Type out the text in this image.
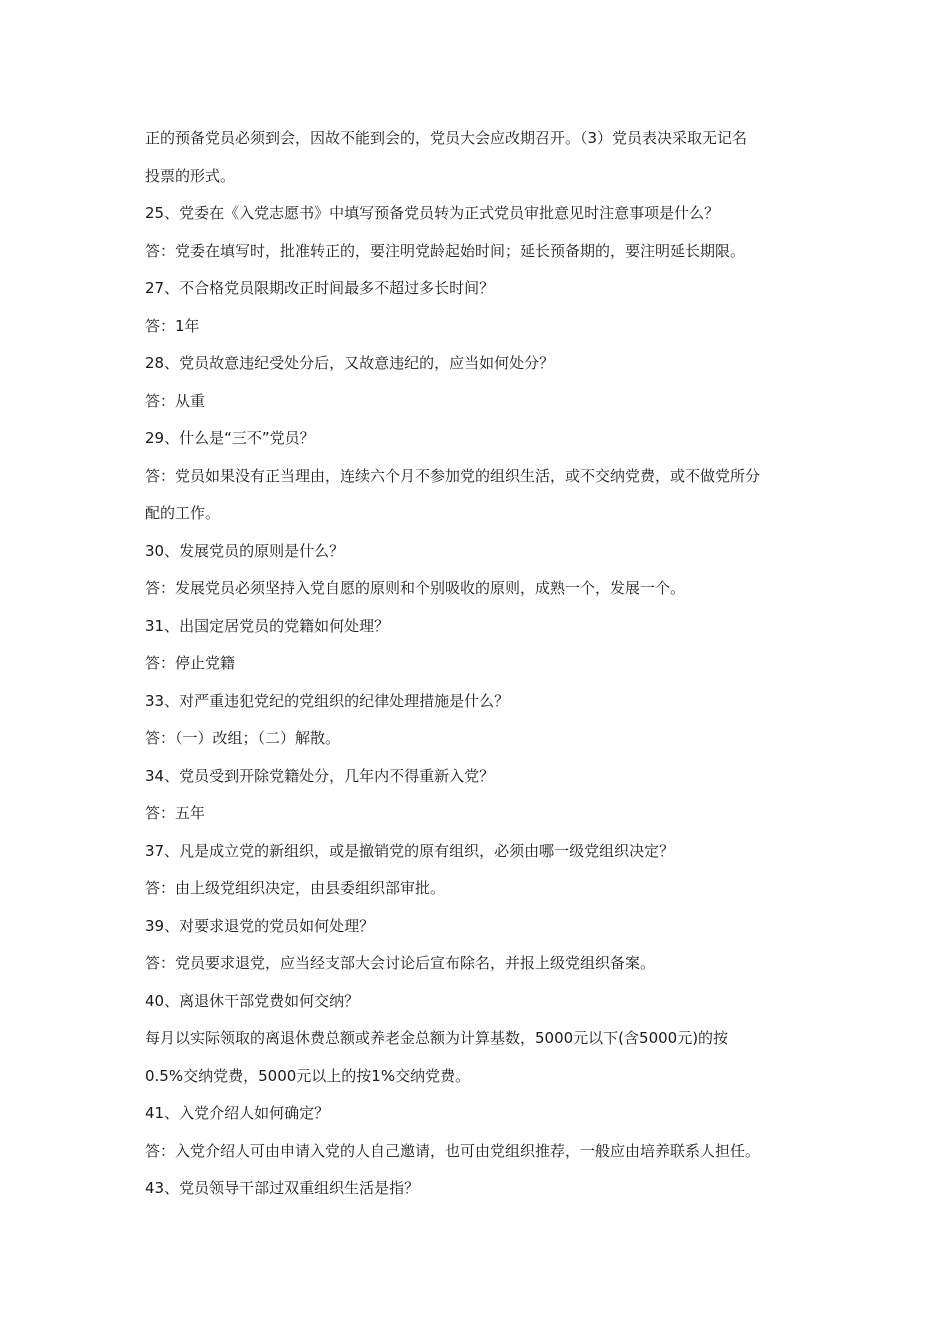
正的预备党员必须到会，因故不能到会的，党员大会应改期召开。（3）党员表决采取无记名
投票的形式。
25、党委在《入党志愿书》中填写预备党员转为正式党员审批意见时注意事项是什么？
答：党委在填写时，批准转正的，要注明党龄起始时间；延长预备期的，要注明延长期限。
27、不合格党员限期改正时间最多不超过多长时间？
答：1年
28、党员故意违纪受处分后，又故意违纪的，应当如何处分？
答：从重
29、什么是“三不”党员？
答：党员如果没有正当理由，连续六个月不参加党的组织生活，或不交纳党费，或不做党所分
配的工作。
30、发展党员的原则是什么？
答：发展党员必须坚持入党自愿的原则和个别吸收的原则，成熟一个，发展一个。
31、出国定居党员的党籍如何处理？
答：停止党籍
33、对严重违犯党纪的党组织的纪律处理措施是什么？
答：（一）改组；（二）解散。
34、党员受到开除党籍处分，几年内不得重新入党？
答：五年
37、凡是成立党的新组织，或是撤销党的原有组织，必须由哪一级党组织决定？
答：由上级党组织决定，由县委组织部审批。
39、对要求退党的党员如何处理？
答：党员要求退党，应当经支部大会讨论后宣布除名，并报上级党组织备案。
40、离退休干部党费如何交纳？
每月以实际领取的离退休费总额或养老金总额为计算基数，5000元以下(含5000元)的按
0.5%交纳党费，5000元以上的按1%交纳党费。
41、入党介绍人如何确定？
答：入党介绍人可由申请入党的人自己邀请，也可由党组织推荐，一般应由培养联系人担任。
43、党员领导干部过双重组织生活是指？
